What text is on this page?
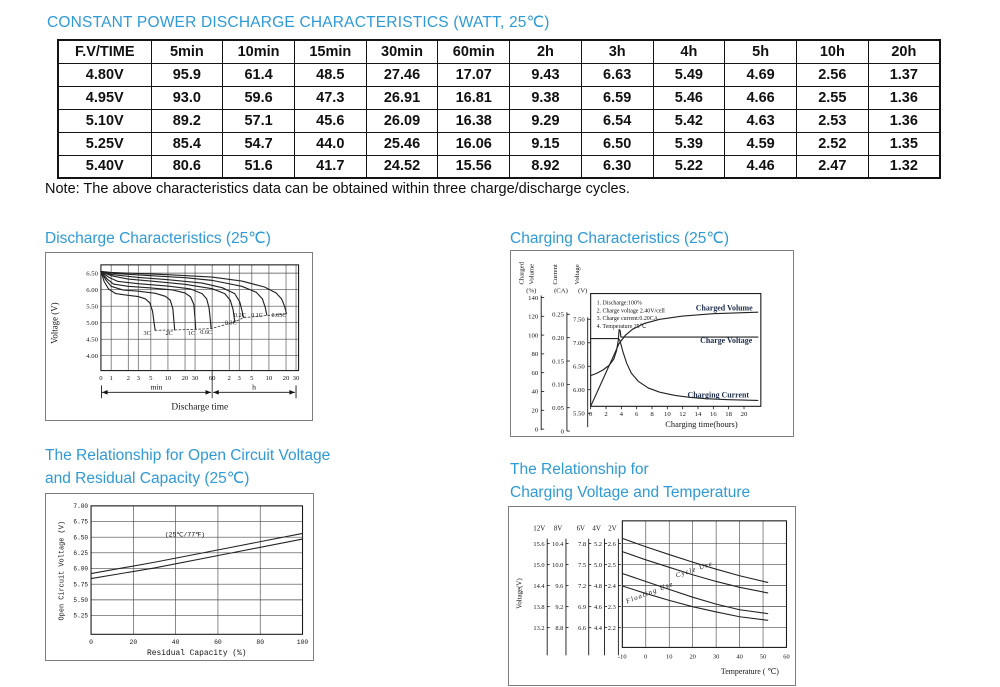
CONSTANT POWER DISCHARGE CHARACTERISTICS (WATT, 25℃)
F.V/TIME	5min	10min	15min	30min	60min	2h	3h	4h	5h	10h	20h
4.80V	95.9	61.4	48.5	27.46	17.07	9.43	6.63	5.49	4.69	2.56	1.37
4.95V	93.0	59.6	47.3	26.91	16.81	9.38	6.59	5.46	4.66	2.55	1.36
5.10V	89.2	57.1	45.6	26.09	16.38	9.29	6.54	5.42	4.63	2.53	1.36
5.25V	85.4	54.7	44.0	25.46	16.06	9.15	6.50	5.39	4.59	2.52	1.35
5.40V	80.6	51.6	41.7	24.52	15.56	8.92	6.30	5.22	4.46	2.47	1.32
Note: The above characteristics data can be obtained within three charge/discharge cycles.
Discharge Characteristics (25℃)
6.50
6.00
5.50
5.00
4.50
4.00
0 1 2 3 5 10 20 30 60 2 3 5 10 20 30
3C 2C 1C 0.6C
0.3C
0.2C 0.1C 0.05C
min	h
Discharge time
Voltage (V)
Charging Characteristics (25℃)
Charged Volume
(%)
0
20
40
60
80
100
120
140
Current
(CA)
0
0.05
0.10
0.15
0.20
0.25
Voltage
(V)
5.50
6.00
6.50
7.00
7.50
0 2 4 6 8 10 12 14 16 18 20
Charging time(hours)
1. Discharge:100%
2. Charge voltage 2.40V/cell
3. Charge current:0.20CA
4. Temperature 25℃
Charged Volume
Charge Voltage
Charging Current
The Relationship for Open Circuit Voltage
and Residual Capacity (25℃)
7.00
6.75
6.50
6.25
6.00
5.75
5.50
5.25
0	20	40	60	80	100
Residual Capacity (%)
Open Circuit Voltage (V)	(25℃/77℉)
The Relationship for
Charging Voltage and Temperature
Voltage(V)
12V
15.6
15.0
14.4
13.8
13.2
8V
10.4
10.0
9.6
9.2
8.8
6V
7.8
7.5
7.2
6.9
6.6
4V
5.2
5.0
4.8
4.6
4.4
2V
2.6
2.5
2.4
2.3
2.2
-10	0	10	20	30	40	50	60
Temperature ( ℃)
Cycle Use
Floating Use
